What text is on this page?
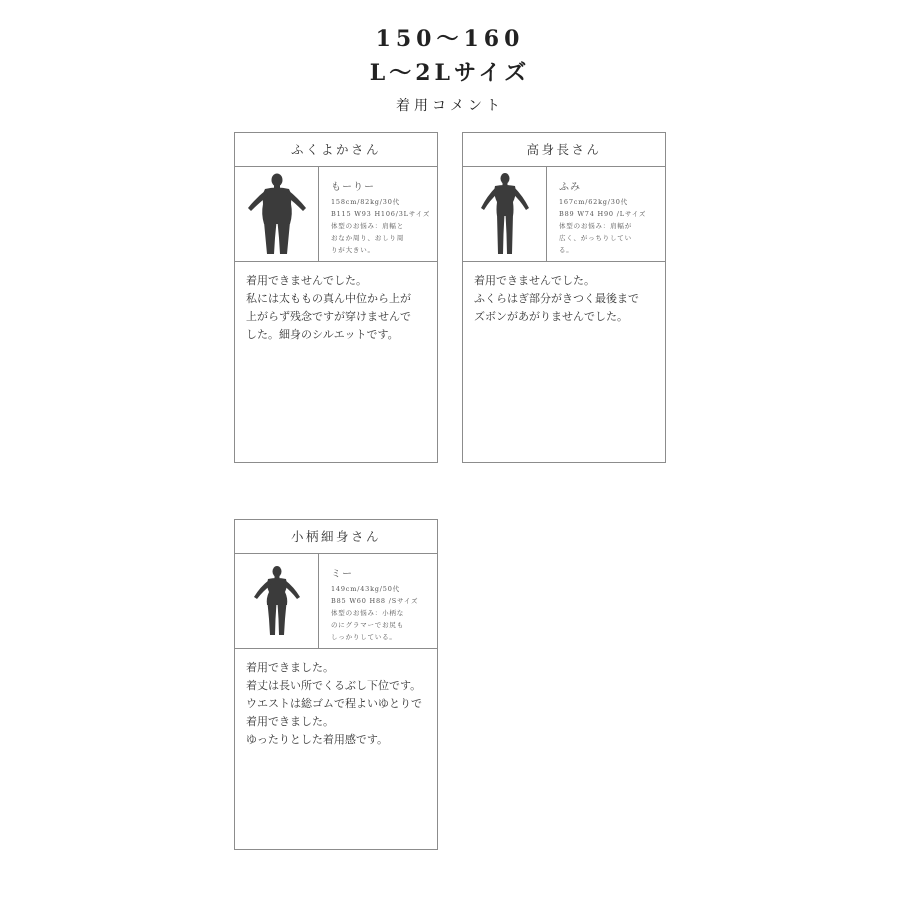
150～160
L～2Lサイズ
着用コメント
ふくよかさん
もーりー
158cm/82kg/30代
B115 W93 H106/3Lサイズ
体型のお悩み：肩幅と
おなか周り、おしり周
りが大きい。
着用できませんでした。
私には太ももの真ん中位から上が
上がらず残念ですが穿けませんで
した。細身のシルエットです。
高身長さん
ふみ
167cm/62kg/30代
B89 W74 H90 /Lサイズ
体型のお悩み：肩幅が
広く、がっちりしてい
る。
着用できませんでした。
ふくらはぎ部分がきつく最後まで
ズボンがあがりませんでした。
小柄細身さん
ミー
149cm/43kg/50代
B85 W60 H88 /Sサイズ
体型のお悩み：小柄な
のにグラマーでお尻も
しっかりしている。
着用できました。
着丈は長い所でくるぶし下位です。
ウエストは総ゴムで程よいゆとりで
着用できました。
ゆったりとした着用感です。
